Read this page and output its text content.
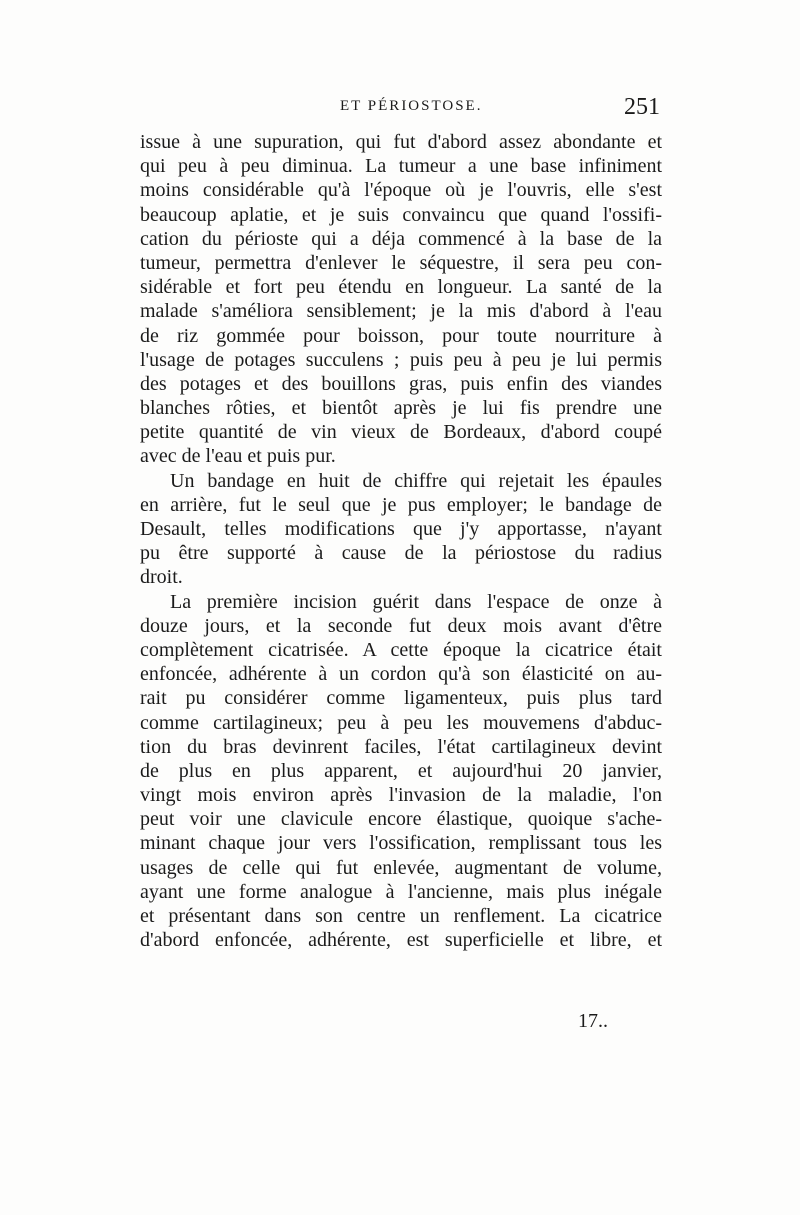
ET PÉRIOSTOSE.	251
issue à une supuration, qui fut d'abord assez abondante et
qui peu à peu diminua. La tumeur a une base infiniment
moins considérable qu'à l'époque où je l'ouvris, elle s'est
beaucoup aplatie, et je suis convaincu que quand l'ossifi-
cation du périoste qui a déja commencé à la base de la
tumeur, permettra d'enlever le séquestre, il sera peu con-
sidérable et fort peu étendu en longueur. La santé de la
malade s'améliora sensiblement; je la mis d'abord à l'eau
de riz gommée pour boisson, pour toute nourriture à
l'usage de potages succulens ; puis peu à peu je lui permis
des potages et des bouillons gras, puis enfin des viandes
blanches rôties, et bientôt après je lui fis prendre une
petite quantité de vin vieux de Bordeaux, d'abord coupé
avec de l'eau et puis pur.
Un bandage en huit de chiffre qui rejetait les épaules
en arrière, fut le seul que je pus employer; le bandage de
Desault, telles modifications que j'y apportasse, n'ayant
pu être supporté à cause de la périostose du radius
droit.
La première incision guérit dans l'espace de onze à
douze jours, et la seconde fut deux mois avant d'être
complètement cicatrisée. A cette époque la cicatrice était
enfoncée, adhérente à un cordon qu'à son élasticité on au-
rait pu considérer comme ligamenteux, puis plus tard
comme cartilagineux; peu à peu les mouvemens d'abduc-
tion du bras devinrent faciles, l'état cartilagineux devint
de plus en plus apparent, et aujourd'hui 20 janvier,
vingt mois environ après l'invasion de la maladie, l'on
peut voir une clavicule encore élastique, quoique s'ache-
minant chaque jour vers l'ossification, remplissant tous les
usages de celle qui fut enlevée, augmentant de volume,
ayant une forme analogue à l'ancienne, mais plus inégale
et présentant dans son centre un renflement. La cicatrice
d'abord enfoncée, adhérente, est superficielle et libre, et
17..
